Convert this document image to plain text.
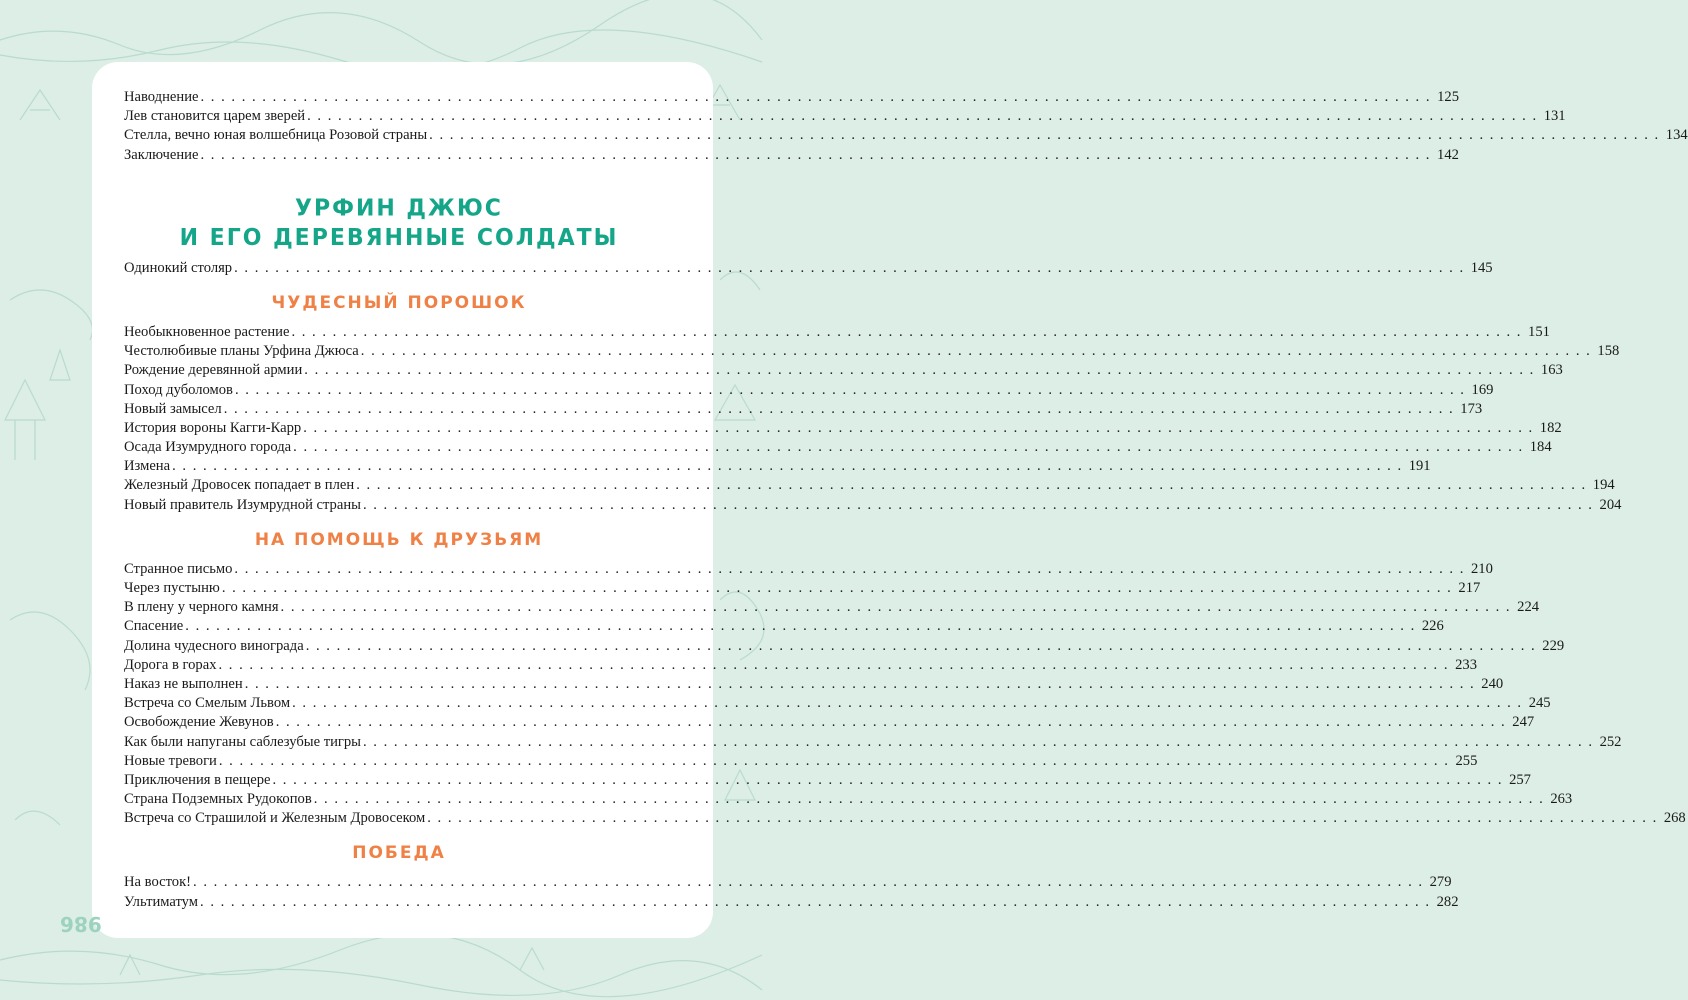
Наводнение . . . . . . . . . . . . . . . . . . . . . . . . . . . . . . . . . . . . . . . . . . . . . . . . . . . . . . . . . . . . . . . . . . . . . . . . . . . . . . . . . . . . . . . . . . . . . . . . . . . . . . . . . . . . . . . . . . . . . . . . 125
Лев становится царем зверей . . . . . . . . . . . . . . . . . . . . . . . . . . . . . . . . . . . . . . . . . . . . . . . . . . . . . . . . . . . . . . . . . . . . . . . . . . . . . . . . . . . . . . . . . . . . . . . . . . . . . . . . . . . . . . . . . . . . . . . . 131
Стелла, вечно юная волшебница Розовой страны . . . . . . . . . . . . . . . . . . . . . . . . . . . . . . . . . . . . . . . . . . . . . . . . . . . . . . . . . . . . . . . . . . . . . . . . . . . . . . . . . . . . . . . . . . . . . . . . . . . . . . . . . . . . . . . . . . . . . . . . 134
Заключение . . . . . . . . . . . . . . . . . . . . . . . . . . . . . . . . . . . . . . . . . . . . . . . . . . . . . . . . . . . . . . . . . . . . . . . . . . . . . . . . . . . . . . . . . . . . . . . . . . . . . . . . . . . . . . . . . . . . . . . . 142
УРФИН ДЖЮС
И ЕГО ДЕРЕВЯННЫЕ СОЛДАТЫ
Одинокий столяр . . . . . . . . . . . . . . . . . . . . . . . . . . . . . . . . . . . . . . . . . . . . . . . . . . . . . . . . . . . . . . . . . . . . . . . . . . . . . . . . . . . . . . . . . . . . . . . . . . . . . . . . . . . . . . . . . . . . . . . . 145
ЧУДЕСНЫЙ ПОРОШОК
Необыкновенное растение . . . . . . . . . . . . . . . . . . . . . . . . . . . . . . . . . . . . . . . . . . . . . . . . . . . . . . . . . . . . . . . . . . . . . . . . . . . . . . . . . . . . . . . . . . . . . . . . . . . . . . . . . . . . . . . . . . . . . . . . 151
Честолюбивые планы Урфина Джюса . . . . . . . . . . . . . . . . . . . . . . . . . . . . . . . . . . . . . . . . . . . . . . . . . . . . . . . . . . . . . . . . . . . . . . . . . . . . . . . . . . . . . . . . . . . . . . . . . . . . . . . . . . . . . . . . . . . . . . . . 158
Рождение деревянной армии . . . . . . . . . . . . . . . . . . . . . . . . . . . . . . . . . . . . . . . . . . . . . . . . . . . . . . . . . . . . . . . . . . . . . . . . . . . . . . . . . . . . . . . . . . . . . . . . . . . . . . . . . . . . . . . . . . . . . . . . 163
Поход дуболомов . . . . . . . . . . . . . . . . . . . . . . . . . . . . . . . . . . . . . . . . . . . . . . . . . . . . . . . . . . . . . . . . . . . . . . . . . . . . . . . . . . . . . . . . . . . . . . . . . . . . . . . . . . . . . . . . . . . . . . . . 169
Новый замысел . . . . . . . . . . . . . . . . . . . . . . . . . . . . . . . . . . . . . . . . . . . . . . . . . . . . . . . . . . . . . . . . . . . . . . . . . . . . . . . . . . . . . . . . . . . . . . . . . . . . . . . . . . . . . . . . . . . . . . . . 173
История вороны Кагги-Карр . . . . . . . . . . . . . . . . . . . . . . . . . . . . . . . . . . . . . . . . . . . . . . . . . . . . . . . . . . . . . . . . . . . . . . . . . . . . . . . . . . . . . . . . . . . . . . . . . . . . . . . . . . . . . . . . . . . . . . . . 182
Осада Изумрудного города . . . . . . . . . . . . . . . . . . . . . . . . . . . . . . . . . . . . . . . . . . . . . . . . . . . . . . . . . . . . . . . . . . . . . . . . . . . . . . . . . . . . . . . . . . . . . . . . . . . . . . . . . . . . . . . . . . . . . . . . 184
Измена . . . . . . . . . . . . . . . . . . . . . . . . . . . . . . . . . . . . . . . . . . . . . . . . . . . . . . . . . . . . . . . . . . . . . . . . . . . . . . . . . . . . . . . . . . . . . . . . . . . . . . . . . . . . . . . . . . . . . . . . 191
Железный Дровосек попадает в плен . . . . . . . . . . . . . . . . . . . . . . . . . . . . . . . . . . . . . . . . . . . . . . . . . . . . . . . . . . . . . . . . . . . . . . . . . . . . . . . . . . . . . . . . . . . . . . . . . . . . . . . . . . . . . . . . . . . . . . . . 194
Новый правитель Изумрудной страны . . . . . . . . . . . . . . . . . . . . . . . . . . . . . . . . . . . . . . . . . . . . . . . . . . . . . . . . . . . . . . . . . . . . . . . . . . . . . . . . . . . . . . . . . . . . . . . . . . . . . . . . . . . . . . . . . . . . . . . . 204
НА ПОМОЩЬ К ДРУЗЬЯМ
Странное письмо . . . . . . . . . . . . . . . . . . . . . . . . . . . . . . . . . . . . . . . . . . . . . . . . . . . . . . . . . . . . . . . . . . . . . . . . . . . . . . . . . . . . . . . . . . . . . . . . . . . . . . . . . . . . . . . . . . . . . . . . 210
Через пустыню . . . . . . . . . . . . . . . . . . . . . . . . . . . . . . . . . . . . . . . . . . . . . . . . . . . . . . . . . . . . . . . . . . . . . . . . . . . . . . . . . . . . . . . . . . . . . . . . . . . . . . . . . . . . . . . . . . . . . . . . 217
В плену у черного камня . . . . . . . . . . . . . . . . . . . . . . . . . . . . . . . . . . . . . . . . . . . . . . . . . . . . . . . . . . . . . . . . . . . . . . . . . . . . . . . . . . . . . . . . . . . . . . . . . . . . . . . . . . . . . . . . . . . . . . . . 224
Спасение . . . . . . . . . . . . . . . . . . . . . . . . . . . . . . . . . . . . . . . . . . . . . . . . . . . . . . . . . . . . . . . . . . . . . . . . . . . . . . . . . . . . . . . . . . . . . . . . . . . . . . . . . . . . . . . . . . . . . . . . 226
Долина чудесного винограда . . . . . . . . . . . . . . . . . . . . . . . . . . . . . . . . . . . . . . . . . . . . . . . . . . . . . . . . . . . . . . . . . . . . . . . . . . . . . . . . . . . . . . . . . . . . . . . . . . . . . . . . . . . . . . . . . . . . . . . . 229
Дорога в горах . . . . . . . . . . . . . . . . . . . . . . . . . . . . . . . . . . . . . . . . . . . . . . . . . . . . . . . . . . . . . . . . . . . . . . . . . . . . . . . . . . . . . . . . . . . . . . . . . . . . . . . . . . . . . . . . . . . . . . . . 233
Наказ не выполнен . . . . . . . . . . . . . . . . . . . . . . . . . . . . . . . . . . . . . . . . . . . . . . . . . . . . . . . . . . . . . . . . . . . . . . . . . . . . . . . . . . . . . . . . . . . . . . . . . . . . . . . . . . . . . . . . . . . . . . . . 240
Встреча со Смелым Львом . . . . . . . . . . . . . . . . . . . . . . . . . . . . . . . . . . . . . . . . . . . . . . . . . . . . . . . . . . . . . . . . . . . . . . . . . . . . . . . . . . . . . . . . . . . . . . . . . . . . . . . . . . . . . . . . . . . . . . . . 245
Освобождение Жевунов . . . . . . . . . . . . . . . . . . . . . . . . . . . . . . . . . . . . . . . . . . . . . . . . . . . . . . . . . . . . . . . . . . . . . . . . . . . . . . . . . . . . . . . . . . . . . . . . . . . . . . . . . . . . . . . . . . . . . . . . 247
Как были напуганы саблезубые тигры . . . . . . . . . . . . . . . . . . . . . . . . . . . . . . . . . . . . . . . . . . . . . . . . . . . . . . . . . . . . . . . . . . . . . . . . . . . . . . . . . . . . . . . . . . . . . . . . . . . . . . . . . . . . . . . . . . . . . . . . 252
Новые тревоги . . . . . . . . . . . . . . . . . . . . . . . . . . . . . . . . . . . . . . . . . . . . . . . . . . . . . . . . . . . . . . . . . . . . . . . . . . . . . . . . . . . . . . . . . . . . . . . . . . . . . . . . . . . . . . . . . . . . . . . . 255
Приключения в пещере . . . . . . . . . . . . . . . . . . . . . . . . . . . . . . . . . . . . . . . . . . . . . . . . . . . . . . . . . . . . . . . . . . . . . . . . . . . . . . . . . . . . . . . . . . . . . . . . . . . . . . . . . . . . . . . . . . . . . . . . 257
Страна Подземных Рудокопов . . . . . . . . . . . . . . . . . . . . . . . . . . . . . . . . . . . . . . . . . . . . . . . . . . . . . . . . . . . . . . . . . . . . . . . . . . . . . . . . . . . . . . . . . . . . . . . . . . . . . . . . . . . . . . . . . . . . . . . . 263
Встреча со Страшилой и Железным Дровосеком . . . . . . . . . . . . . . . . . . . . . . . . . . . . . . . . . . . . . . . . . . . . . . . . . . . . . . . . . . . . . . . . . . . . . . . . . . . . . . . . . . . . . . . . . . . . . . . . . . . . . . . . . . . . . . . . . . . . . . . . 268
ПОБЕДА
На восток! . . . . . . . . . . . . . . . . . . . . . . . . . . . . . . . . . . . . . . . . . . . . . . . . . . . . . . . . . . . . . . . . . . . . . . . . . . . . . . . . . . . . . . . . . . . . . . . . . . . . . . . . . . . . . . . . . . . . . . . . 279
Ультиматум . . . . . . . . . . . . . . . . . . . . . . . . . . . . . . . . . . . . . . . . . . . . . . . . . . . . . . . . . . . . . . . . . . . . . . . . . . . . . . . . . . . . . . . . . . . . . . . . . . . . . . . . . . . . . . . . . . . . . . . . 282
986
